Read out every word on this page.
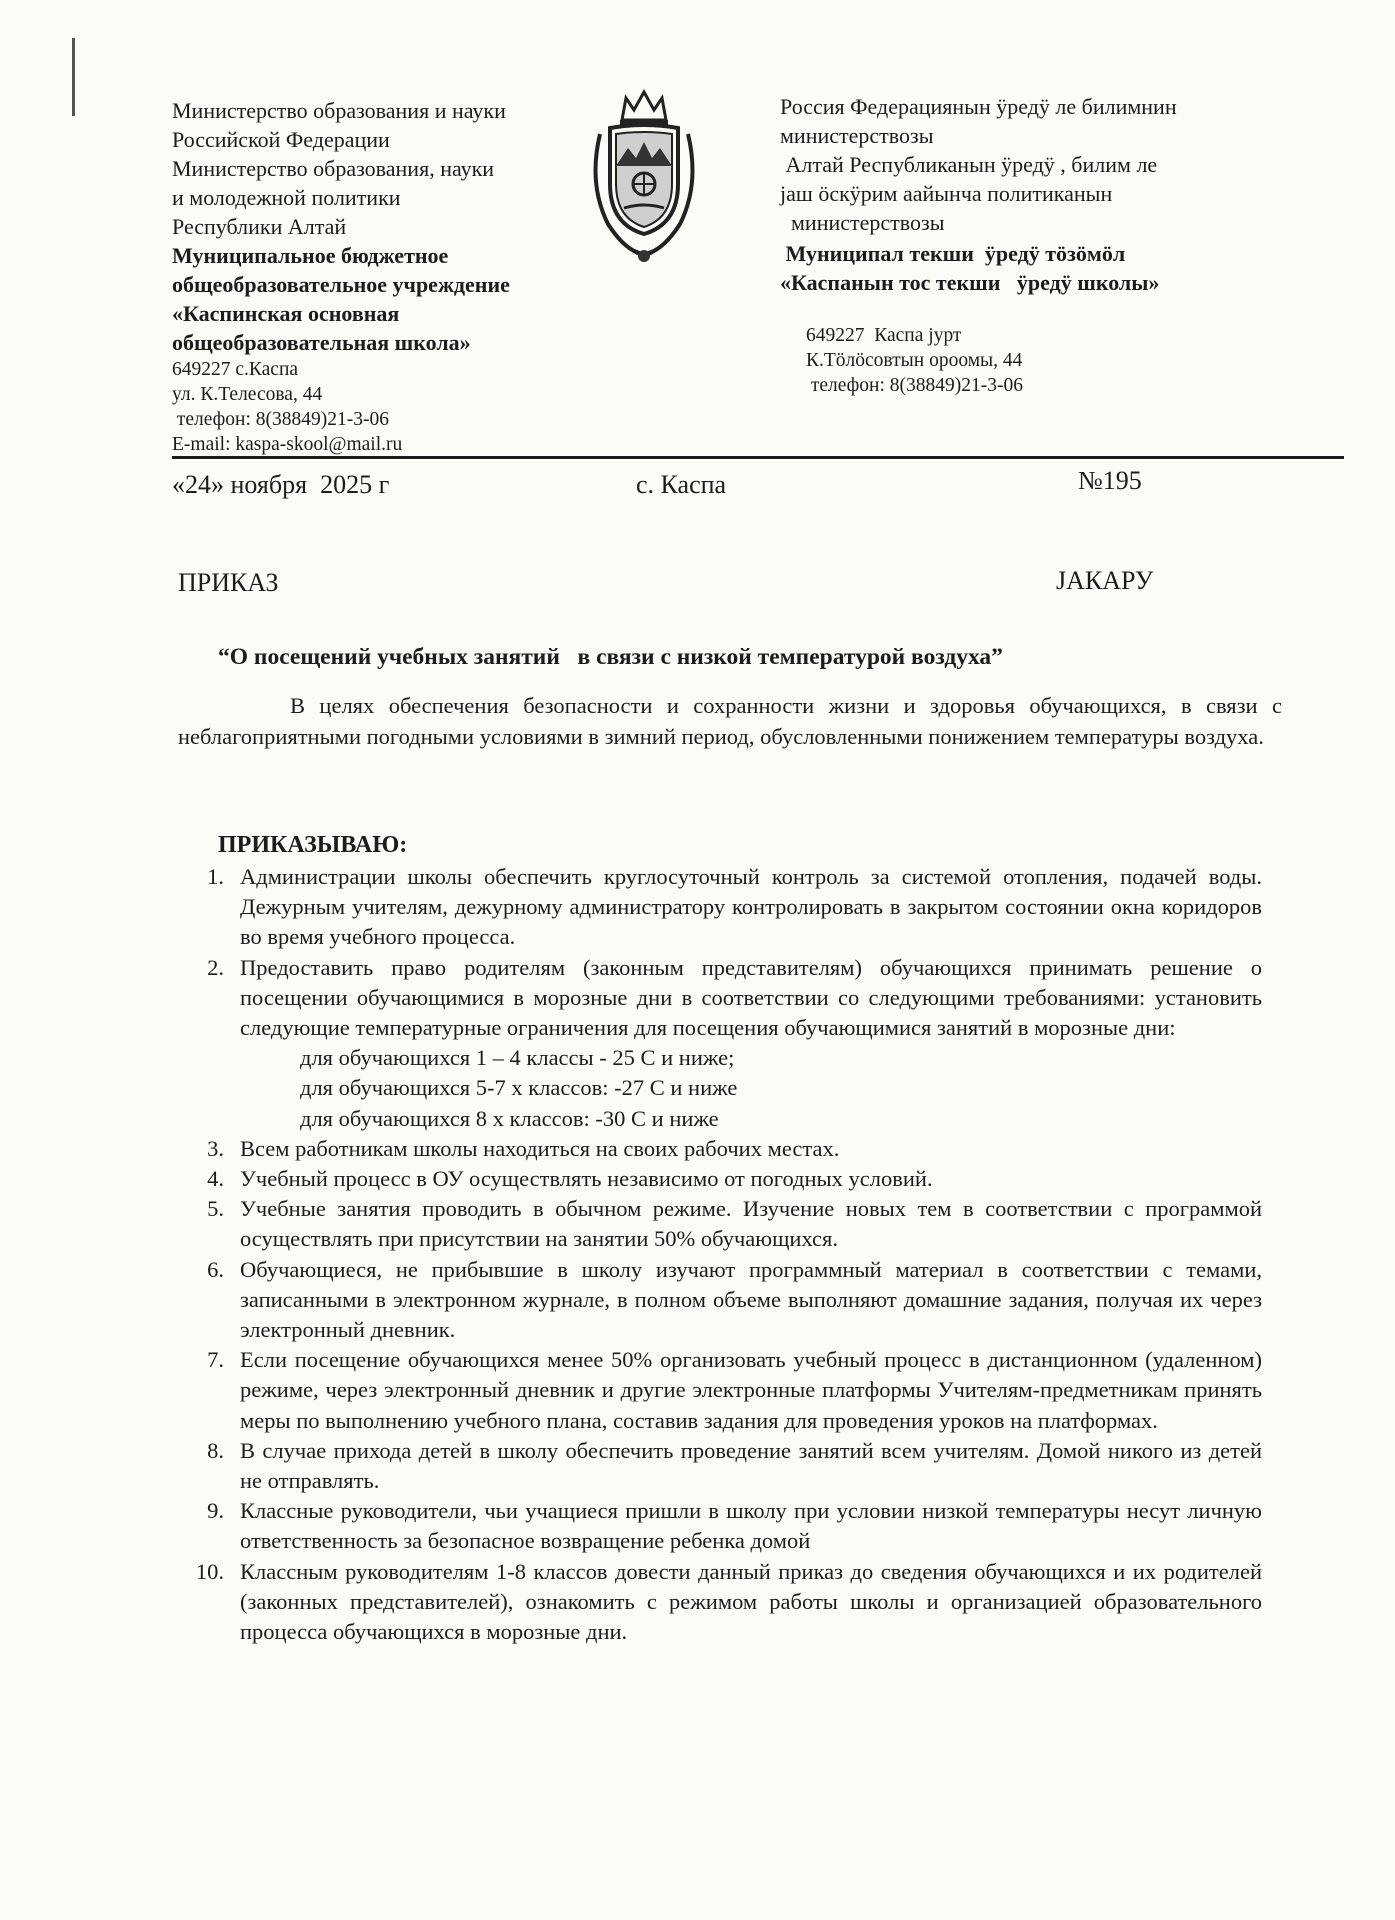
Министерство образования и науки
Российской Федерации
Министерство образования, науки
и молодежной политики
Республики Алтай
Муниципальное бюджетное
общеобразовательное учреждение
«Каспинская основная
общеобразовательная школа»
649227 с.Каспа
ул. К.Телесова, 44
телефон: 8(38849)21-3-06
E-mail: kaspa-skool@mail.ru
Россия Федерациянын ӱредӱ ле билимнин
министерствозы
Алтай Республиканын ӱредӱ , билим ле
јаш ӧскӱрим аайынча политиканын
министерствозы
Муниципал текши  ӱредӱ тӧзӧмӧл
«Каспанын тос текши   ӱредӱ школы»
649227  Каспа јурт
К.Тӧлӧсовтын ороомы, 44
телефон: 8(38849)21-3-06
«24» ноября  2025 г	с. Каспа	№195
ПРИКАЗ	ЈАКАРУ
“О посещений учебных занятий   в связи с низкой температурой воздуха”
В целях обеспечения безопасности и сохранности жизни и здоровья обучающихся, в связи с неблагоприятными погодными условиями в зимний период, обусловленными понижением температуры воздуха.
ПРИКАЗЫВАЮ:
1. Администрации школы обеспечить круглосуточный контроль за системой отопления, подачей воды. Дежурным учителям, дежурному администратору контролировать в закрытом состоянии окна коридоров во время учебного процесса.
2. Предоставить право родителям (законным представителям) обучающихся принимать решение о посещении обучающимися в морозные дни в соответствии со следующими требованиями: установить следующие температурные ограничения для посещения обучающимися занятий в морозные дни:
для обучающихся 1 – 4 классы - 25 С и ниже;
для обучающихся 5-7 х классов: -27 С и ниже
для обучающихся 8 х классов: -30 С и ниже
3. Всем работникам школы находиться на своих рабочих местах.
4. Учебный процесс в ОУ осуществлять независимо от погодных условий.
5. Учебные занятия проводить в обычном режиме. Изучение новых тем в соответствии с программой осуществлять при присутствии на занятии 50% обучающихся.
6. Обучающиеся, не прибывшие в школу изучают программный материал в соответствии с темами, записанными в электронном журнале, в полном объеме выполняют домашние задания, получая их через электронный дневник.
7. Если посещение обучающихся менее 50% организовать учебный процесс в дистанционном (удаленном) режиме, через электронный дневник и другие электронные платформы Учителям-предметникам принять меры по выполнению учебного плана, составив задания для проведения уроков на платформах.
8. В случае прихода детей в школу обеспечить проведение занятий всем учителям. Домой никого из детей не отправлять.
9. Классные руководители, чьи учащиеся пришли в школу при условии низкой температуры несут личную ответственность за безопасное возвращение ребенка домой
10. Классным руководителям 1-8 классов довести данный приказ до сведения обучающихся и их родителей (законных представителей), ознакомить с режимом работы школы и организацией образовательного процесса обучающихся в морозные дни.
